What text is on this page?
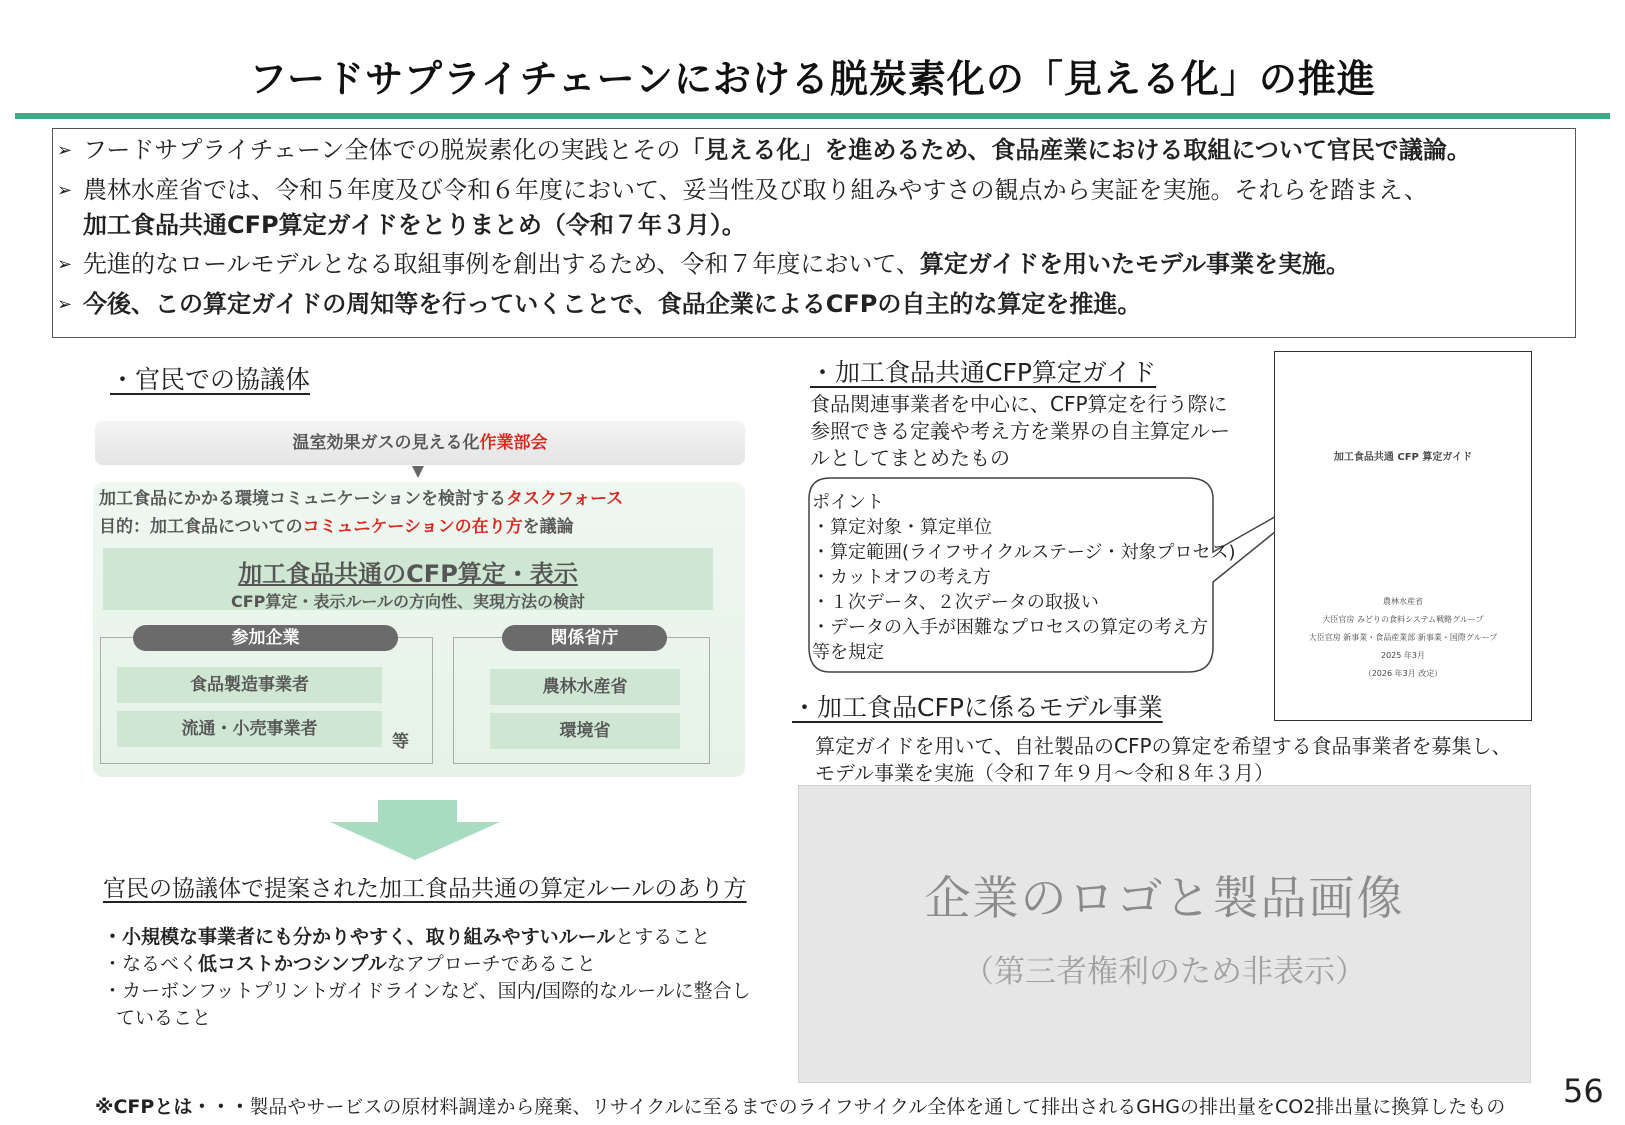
フードサプライチェーンにおける脱炭素化の「見える化」の推進
➢ フードサプライチェーン全体での脱炭素化の実践とその「見える化」を進めるため、食品産業における取組について官民で議論。
➢ 農林水産省では、令和５年度及び令和６年度において、妥当性及び取り組みやすさの観点から実証を実施。それらを踏まえ、
加工食品共通CFP算定ガイドをとりまとめ（令和７年３月）。
➢ 先進的なロールモデルとなる取組事例を創出するため、令和７年度において、算定ガイドを用いたモデル事業を実施。
➢ 今後、この算定ガイドの周知等を行っていくことで、食品企業によるCFPの自主的な算定を推進。
・官民での協議体
温室効果ガスの見える化作業部会
加工食品にかかる環境コミュニケーションを検討するタスクフォース
目的：加工食品についてのコミュニケーションの在り方を議論
加工食品共通のCFP算定・表示
CFP算定・表示ルールの方向性、実現方法の検討
参加企業
食品製造事業者
流通・小売事業者
等
関係省庁
農林水産省
環境省
官民の協議体で提案された加工食品共通の算定ルールのあり方
・小規模な事業者にも分かりやすく、取り組みやすいルールとすること
・なるべく低コストかつシンプルなアプローチであること
・カーボンフットプリントガイドラインなど、国内/国際的なルールに整合し
ていること
・加工食品共通CFP算定ガイド
食品関連事業者を中心に、CFP算定を行う際に
参照できる定義や考え方を業界の自主算定ルー
ルとしてまとめたもの
ポイント
・算定対象・算定単位
・算定範囲(ライフサイクルステージ・対象プロセス)
・カットオフの考え方
・１次データ、２次データの取扱い
・データの入手が困難なプロセスの算定の考え方
等を規定
加工食品共通 CFP 算定ガイド
農林水産省
大臣官房 みどりの食料システム戦略グループ
大臣官房 新事業・食品産業部 新事業・国際グループ
2025 年3月
（2026 年3月 改定）
・加工食品CFPに係るモデル事業
算定ガイドを用いて、自社製品のCFPの算定を希望する食品事業者を募集し、
モデル事業を実施（令和７年９月～令和８年３月）
企業のロゴと製品画像
（第三者権利のため非表示）
56
※CFPとは・・・製品やサービスの原材料調達から廃棄、リサイクルに至るまでのライフサイクル全体を通して排出されるGHGの排出量をCO2排出量に換算したもの
